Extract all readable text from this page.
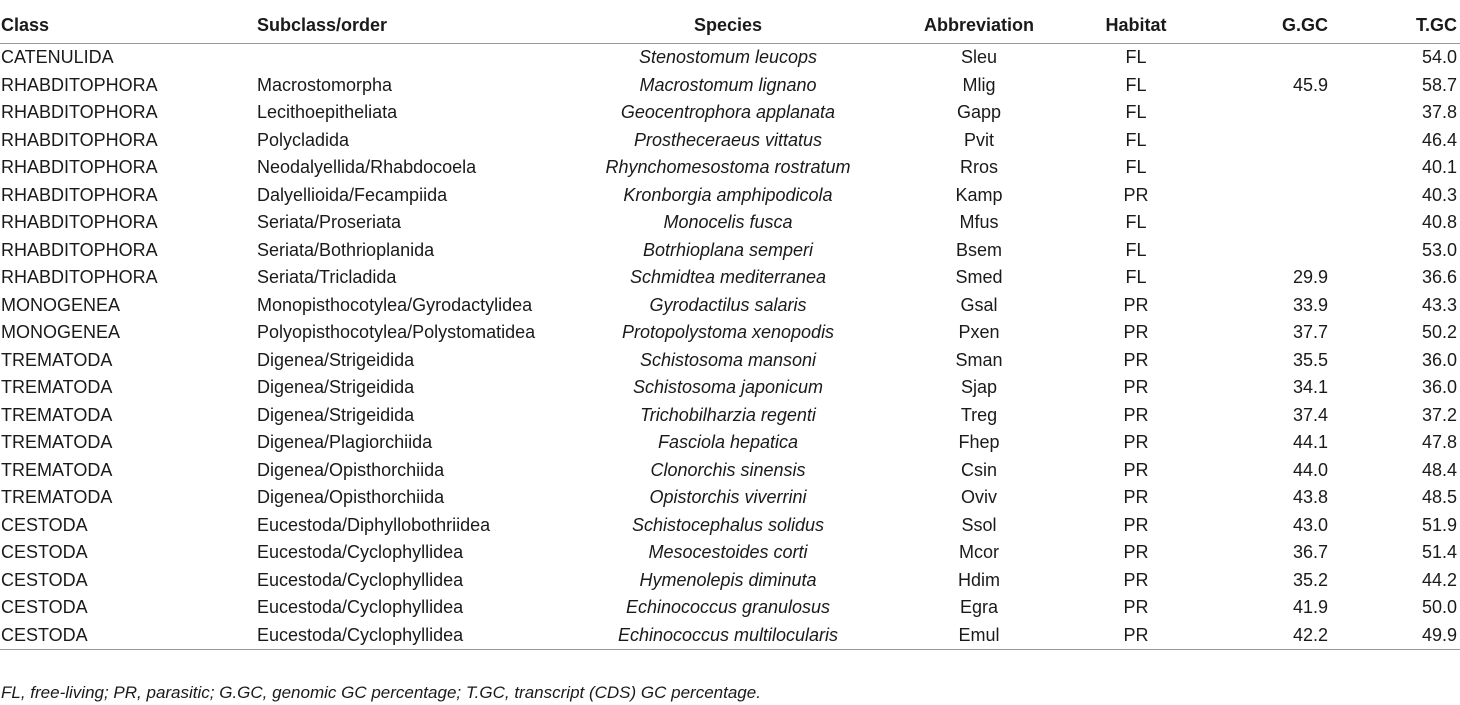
Class	Subclass/order	Species	Abbreviation	Habitat	G.GC	T.GC
CATENULIDA		Stenostomum leucops	Sleu	FL		54.0
RHABDITOPHORA	Macrostomorpha	Macrostomum lignano	Mlig	FL	45.9	58.7
RHABDITOPHORA	Lecithoepitheliata	Geocentrophora applanata	Gapp	FL		37.8
RHABDITOPHORA	Polycladida	Prostheceraeus vittatus	Pvit	FL		46.4
RHABDITOPHORA	Neodalyellida/Rhabdocoela	Rhynchomesostoma rostratum	Rros	FL		40.1
RHABDITOPHORA	Dalyellioida/Fecampiida	Kronborgia amphipodicola	Kamp	PR		40.3
RHABDITOPHORA	Seriata/Proseriata	Monocelis fusca	Mfus	FL		40.8
RHABDITOPHORA	Seriata/Bothrioplanida	Botrhioplana semperi	Bsem	FL		53.0
RHABDITOPHORA	Seriata/Tricladida	Schmidtea mediterranea	Smed	FL	29.9	36.6
MONOGENEA	Monopisthocotylea/Gyrodactylidea	Gyrodactilus salaris	Gsal	PR	33.9	43.3
MONOGENEA	Polyopisthocotylea/Polystomatidea	Protopolystoma xenopodis	Pxen	PR	37.7	50.2
TREMATODA	Digenea/Strigeidida	Schistosoma mansoni	Sman	PR	35.5	36.0
TREMATODA	Digenea/Strigeidida	Schistosoma japonicum	Sjap	PR	34.1	36.0
TREMATODA	Digenea/Strigeidida	Trichobilharzia regenti	Treg	PR	37.4	37.2
TREMATODA	Digenea/Plagiorchiida	Fasciola hepatica	Fhep	PR	44.1	47.8
TREMATODA	Digenea/Opisthorchiida	Clonorchis sinensis	Csin	PR	44.0	48.4
TREMATODA	Digenea/Opisthorchiida	Opistorchis viverrini	Oviv	PR	43.8	48.5
CESTODA	Eucestoda/Diphyllobothriidea	Schistocephalus solidus	Ssol	PR	43.0	51.9
CESTODA	Eucestoda/Cyclophyllidea	Mesocestoides corti	Mcor	PR	36.7	51.4
CESTODA	Eucestoda/Cyclophyllidea	Hymenolepis diminuta	Hdim	PR	35.2	44.2
CESTODA	Eucestoda/Cyclophyllidea	Echinococcus granulosus	Egra	PR	41.9	50.0
CESTODA	Eucestoda/Cyclophyllidea	Echinococcus multilocularis	Emul	PR	42.2	49.9
FL, free-living; PR, parasitic; G.GC, genomic GC percentage; T.GC, transcript (CDS) GC percentage.
